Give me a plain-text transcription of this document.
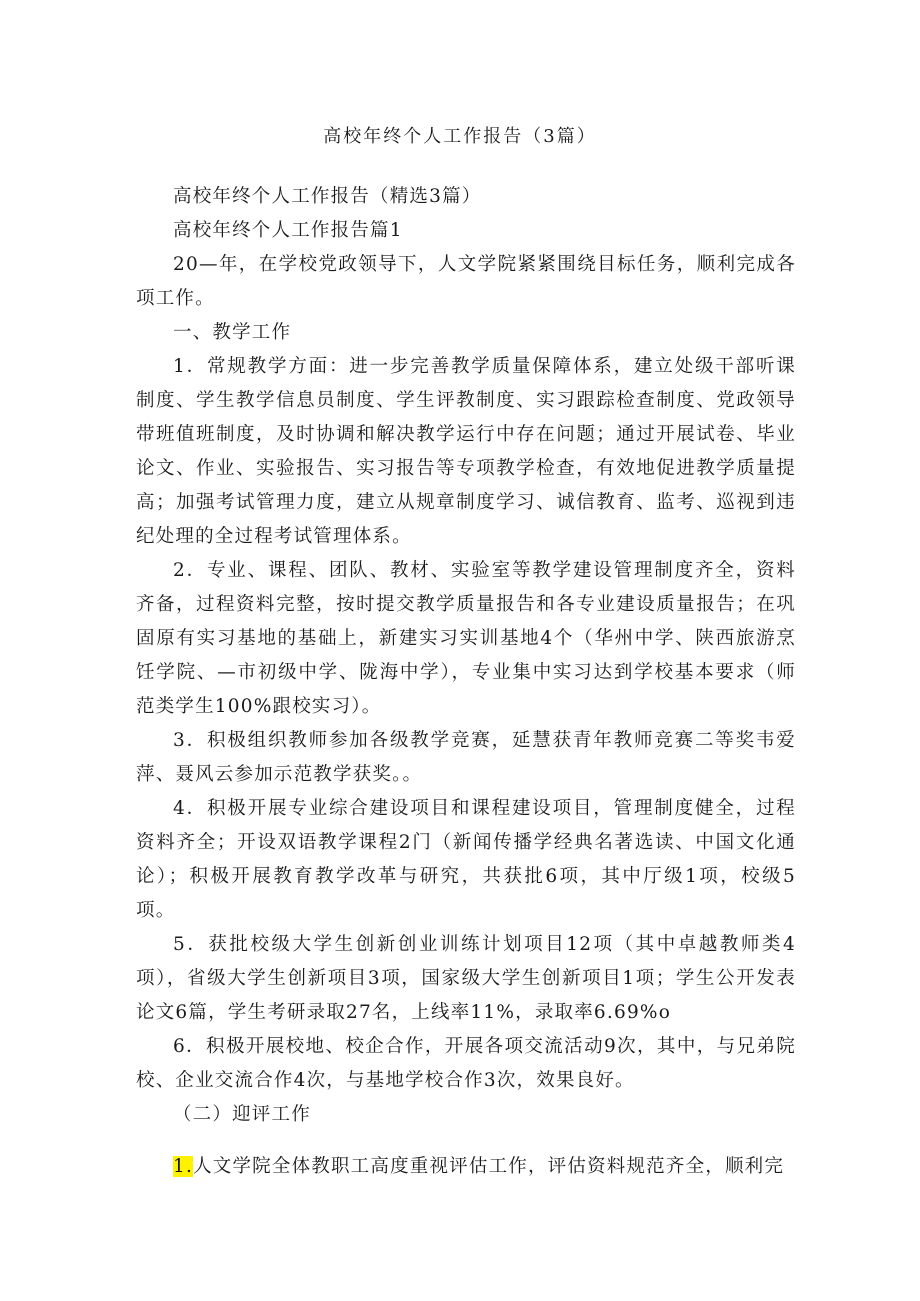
高校年终个人工作报告（3篇）

高校年终个人工作报告（精选3篇）

高校年终个人工作报告篇1

20—年，在学校党政领导下，人文学院紧紧围绕目标任务，顺利完成各项工作。

一、教学工作

1．常规教学方面：进一步完善教学质量保障体系，建立处级干部听课制度、学生教学信息员制度、学生评教制度、实习跟踪检查制度、党政领导带班值班制度，及时协调和解决教学运行中存在问题；通过开展试卷、毕业论文、作业、实验报告、实习报告等专项教学检查，有效地促进教学质量提高；加强考试管理力度，建立从规章制度学习、诚信教育、监考、巡视到违纪处理的全过程考试管理体系。

2．专业、课程、团队、教材、实验室等教学建设管理制度齐全，资料齐备，过程资料完整，按时提交教学质量报告和各专业建设质量报告；在巩固原有实习基地的基础上，新建实习实训基地4个（华州中学、陕西旅游烹饪学院、—市初级中学、陇海中学），专业集中实习达到学校基本要求（师范类学生100%跟校实习）。

3．积极组织教师参加各级教学竞赛，延慧获青年教师竞赛二等奖韦爱萍、聂风云参加示范教学获奖。。

4．积极开展专业综合建设项目和课程建设项目，管理制度健全，过程资料齐全；开设双语教学课程2门（新闻传播学经典名著选读、中国文化通论）；积极开展教育教学改革与研究，共获批6项，其中厅级1项，校级5项。

5．获批校级大学生创新创业训练计划项目12项（其中卓越教师类4项），省级大学生创新项目3项，国家级大学生创新项目1项；学生公开发表论文6篇，学生考研录取27名，上线率11%，录取率6.69%o

6．积极开展校地、校企合作，开展各项交流活动9次，其中，与兄弟院校、企业交流合作4次，与基地学校合作3次，效果良好。

（二）迎评工作

1.人文学院全体教职工高度重视评估工作，评估资料规范齐全，顺利完
